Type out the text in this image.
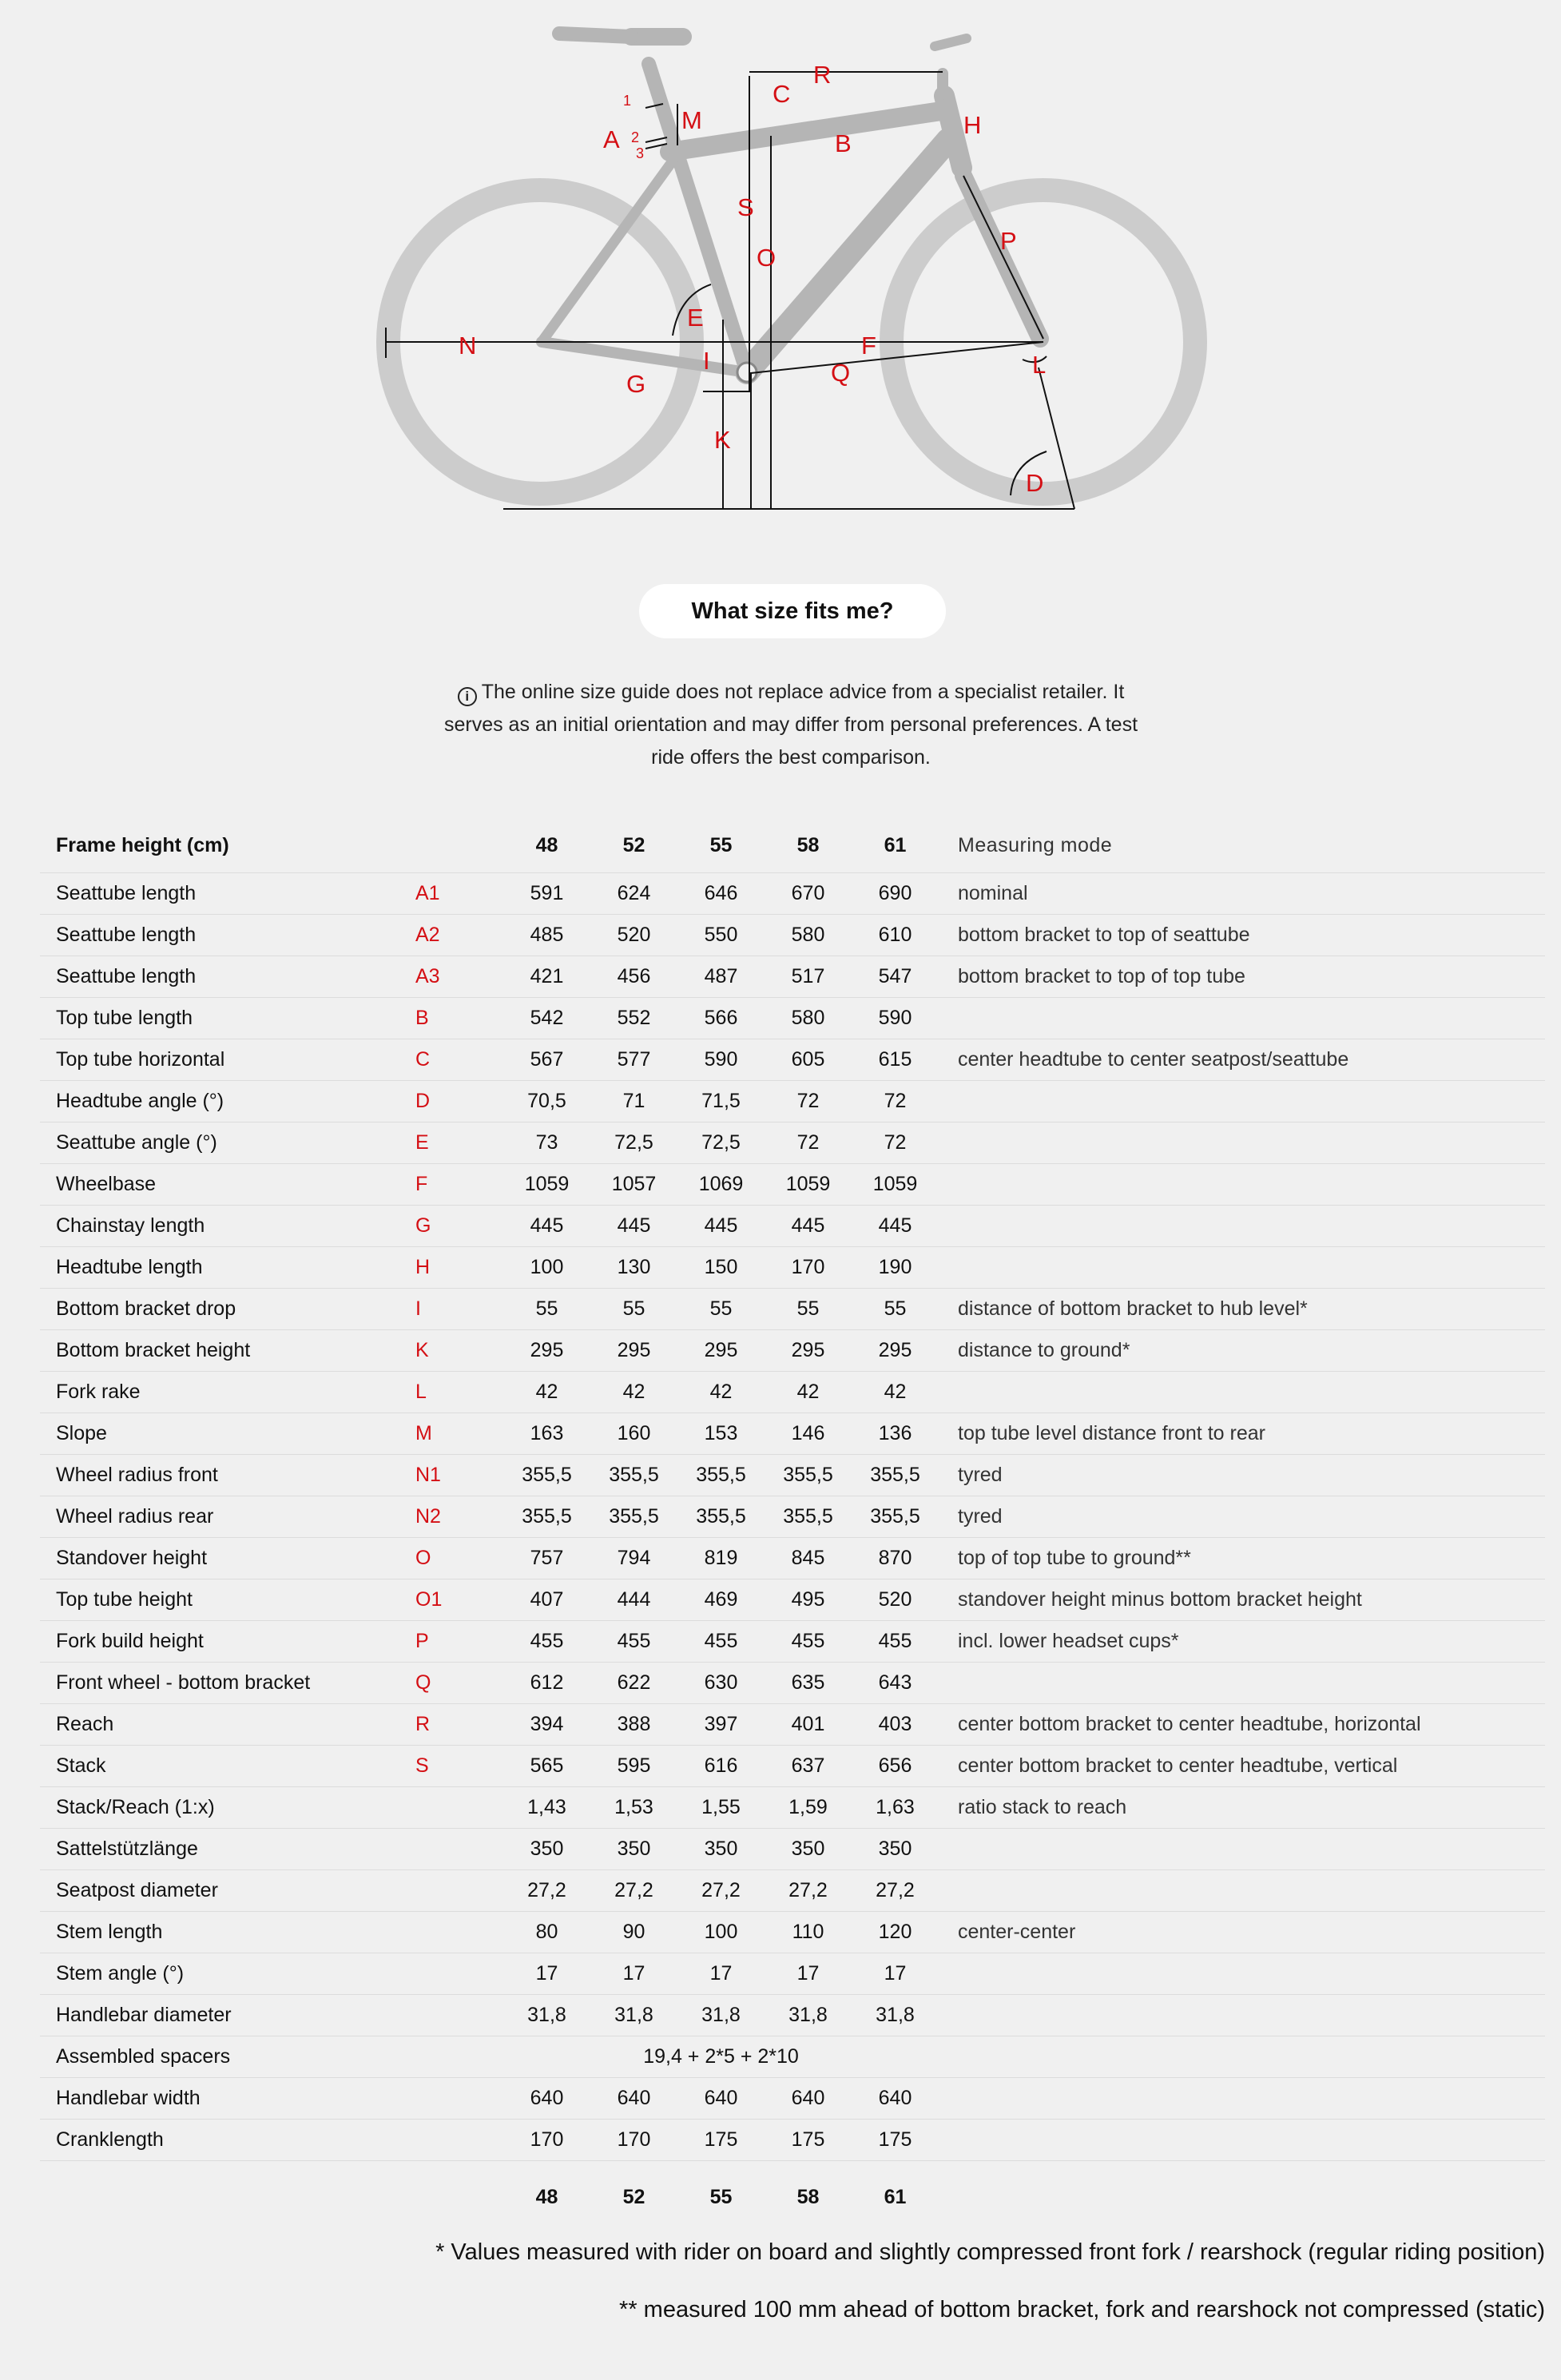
R
C
M
A
1
2
3	B
H
S
O
P
E
F
N
I
G	Q	L
K
D
What size fits me?
i The online size guide does not replace advice from a specialist retailer. It serves as an initial orientation and may differ from personal preferences. A test ride offers the best comparison.
Frame height (cm)		48	52	55	58	61	Measuring mode
Seattube length	A1	591	624	646	670	690	nominal
Seattube length	A2	485	520	550	580	610	bottom bracket to top of seattube
Seattube length	A3	421	456	487	517	547	bottom bracket to top of top tube
Top tube length	B	542	552	566	580	590	
Top tube horizontal	C	567	577	590	605	615	center headtube to center seatpost/seattube
Headtube angle (°)	D	70,5	71	71,5	72	72	
Seattube angle (°)	E	73	72,5	72,5	72	72	
Wheelbase	F	1059	1057	1069	1059	1059	
Chainstay length	G	445	445	445	445	445	
Headtube length	H	100	130	150	170	190	
Bottom bracket drop	I	55	55	55	55	55	distance of bottom bracket to hub level*
Bottom bracket height	K	295	295	295	295	295	distance to ground*
Fork rake	L	42	42	42	42	42	
Slope	M	163	160	153	146	136	top tube level distance front to rear
Wheel radius front	N1	355,5	355,5	355,5	355,5	355,5	tyred
Wheel radius rear	N2	355,5	355,5	355,5	355,5	355,5	tyred
Standover height	O	757	794	819	845	870	top of top tube to ground**
Top tube height	O1	407	444	469	495	520	standover height minus bottom bracket height
Fork build height	P	455	455	455	455	455	incl. lower headset cups*
Front wheel - bottom bracket	Q	612	622	630	635	643	
Reach	R	394	388	397	401	403	center bottom bracket to center headtube, horizontal
Stack	S	565	595	616	637	656	center bottom bracket to center headtube, vertical
Stack/Reach (1:x)		1,43	1,53	1,55	1,59	1,63	ratio stack to reach
Sattelstützlänge		350	350	350	350	350	
Seatpost diameter		27,2	27,2	27,2	27,2	27,2	
Stem length		80	90	100	110	120	center-center
Stem angle (°)		17	17	17	17	17	
Handlebar diameter		31,8	31,8	31,8	31,8	31,8	
Assembled spacers		19,4 + 2*5 + 2*10					
Handlebar width		640	640	640	640	640	
Cranklength		170	170	175	175	175	
		48	52	55	58	61	
* Values measured with rider on board and slightly compressed front fork / rearshock (regular riding position)
** measured 100 mm ahead of bottom bracket, fork and rearshock not compressed (static)
